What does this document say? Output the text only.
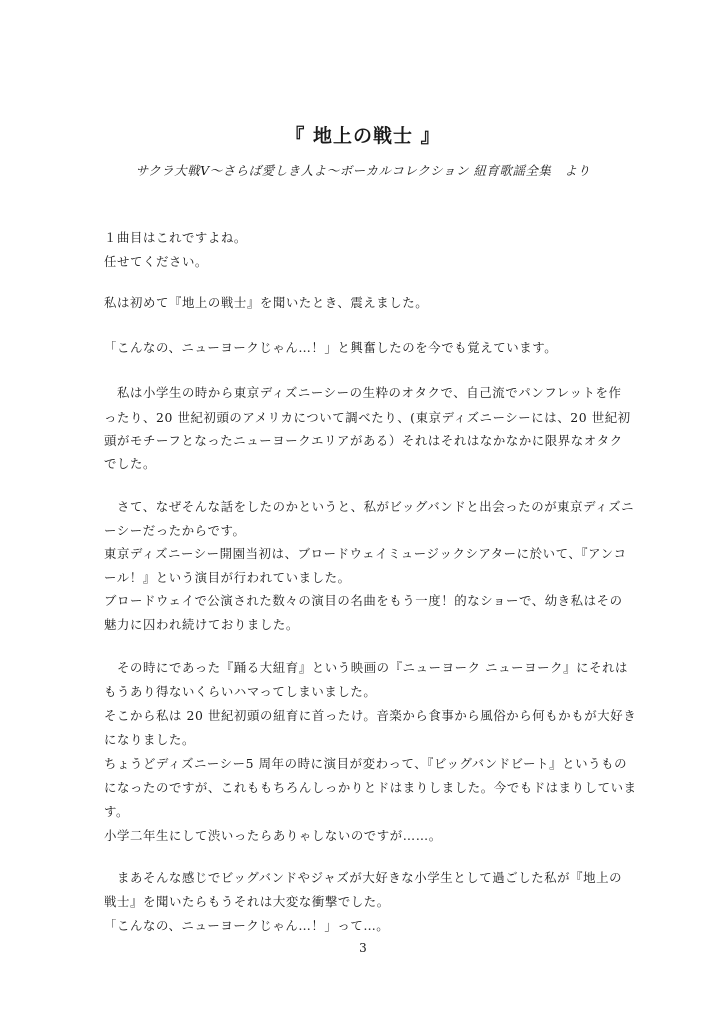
『 地上の戦士 』
サクラ大戦Ⅴ～さらば愛しき人よ～ボーカルコレクション 紐育歌謡全集　より
１曲目はこれですよね。
任せてください。
私は初めて『地上の戦士』を聞いたとき、震えました。
「こんなの、ニューヨークじゃん…！」と興奮したのを今でも覚えています。
　私は小学生の時から東京ディズニーシーの生粋のオタクで、自己流でパンフレットを作
ったり、20 世紀初頭のアメリカについて調べたり、(東京ディズニーシーには、20 世紀初
頭がモチーフとなったニューヨークエリアがある）それはそれはなかなかに限界なオタク
でした。
　さて、なぜそんな話をしたのかというと、私がビッグバンドと出会ったのが東京ディズニ
ーシーだったからです。
東京ディズニーシー開園当初は、ブロードウェイミュージックシアターに於いて、『アンコ
ール！』という演目が行われていました。
ブロードウェイで公演された数々の演目の名曲をもう一度！的なショーで、幼き私はその
魅力に囚われ続けておりました。
　その時にであった『踊る大紐育』という映画の『ニューヨーク ニューヨーク』にそれは
もうあり得ないくらいハマってしまいました。
そこから私は 20 世紀初頭の紐育に首ったけ。音楽から食事から風俗から何もかもが大好き
になりました。
ちょうどディズニーシー5 周年の時に演目が変わって、『ビッグバンドビート』というもの
になったのですが、これももちろんしっかりとドはまりしました。今でもドはまりしていま
す。
小学二年生にして渋いったらありゃしないのですが……。
　まあそんな感じでビッグバンドやジャズが大好きな小学生として過ごした私が『地上の
戦士』を聞いたらもうそれは大変な衝撃でした。
「こんなの、ニューヨークじゃん…！」って…。
3
